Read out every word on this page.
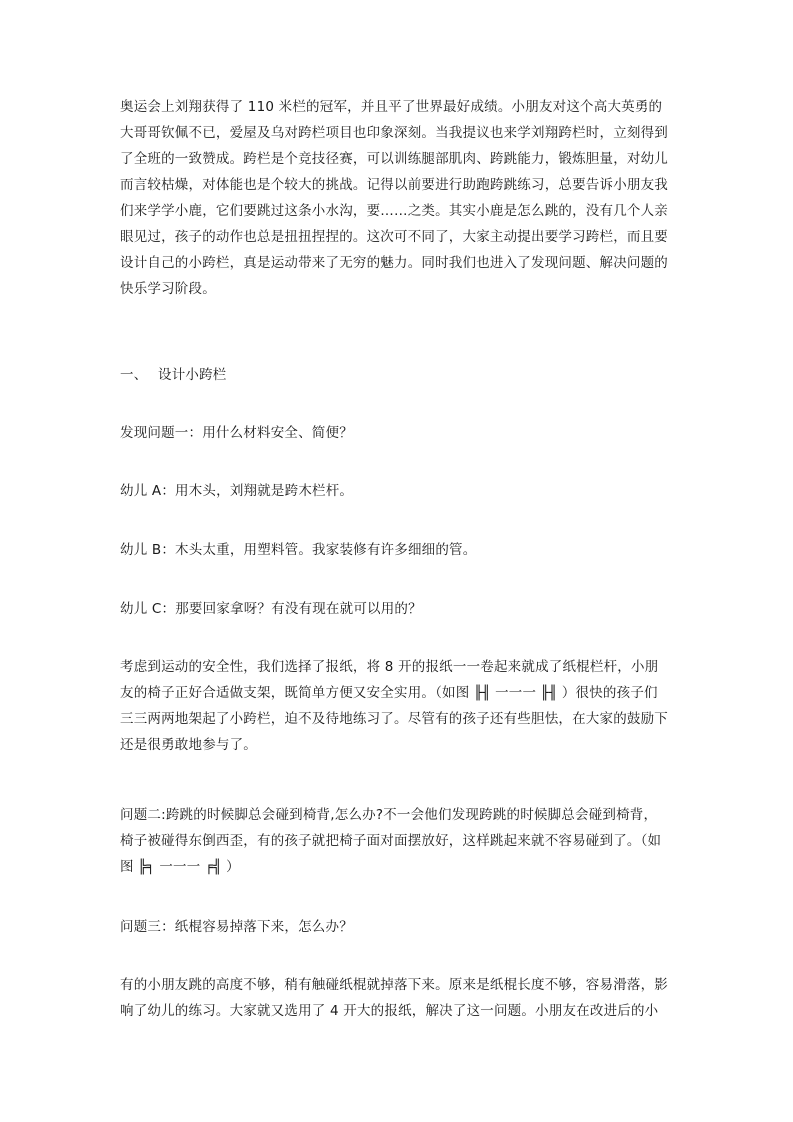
奥运会上刘翔获得了 110 米栏的冠军，并且平了世界最好成绩。小朋友对这个高大英勇的
大哥哥钦佩不已，爱屋及乌对跨栏项目也印象深刻。当我提议也来学刘翔跨栏时，立刻得到
了全班的一致赞成。跨栏是个竞技径赛，可以训练腿部肌肉、跨跳能力，锻炼胆量，对幼儿
而言较枯燥，对体能也是个较大的挑战。记得以前要进行助跑跨跳练习，总要告诉小朋友我
们来学学小鹿，它们要跳过这条小水沟，要……之类。其实小鹿是怎么跳的，没有几个人亲
眼见过，孩子的动作也总是扭扭捏捏的。这次可不同了，大家主动提出要学习跨栏，而且要
设计自己的小跨栏，真是运动带来了无穷的魅力。同时我们也进入了发现问题、解决问题的
快乐学习阶段。
一、 设计小跨栏
发现问题一：用什么材料安全、简便？
幼儿 A：用木头，刘翔就是跨木栏杆。
幼儿 B：木头太重，用塑料管。我家装修有许多细细的管。
幼儿 C：那要回家拿呀？有没有现在就可以用的？
考虑到运动的安全性，我们选择了报纸，将 8 开的报纸一一卷起来就成了纸棍栏杆，小朋
友的椅子正好合适做支架，既简单方便又安全实用。（如图 ╟╢ 一一一 ╟╢ ）很快的孩子们
三三两两地架起了小跨栏，迫不及待地练习了。尽管有的孩子还有些胆怯，在大家的鼓励下
还是很勇敢地参与了。
问题二:跨跳的时候脚总会碰到椅背,怎么办?不一会他们发现跨跳的时候脚总会碰到椅背，
椅子被碰得东倒西歪，有的孩子就把椅子面对面摆放好，这样跳起来就不容易碰到了。（如
图 ╠╕ 一一一 ╒╣ ）
问题三：纸棍容易掉落下来，怎么办？
有的小朋友跳的高度不够，稍有触碰纸棍就掉落下来。原来是纸棍长度不够，容易滑落，影
响了幼儿的练习。大家就又选用了 4 开大的报纸，解决了这一问题。小朋友在改进后的小
